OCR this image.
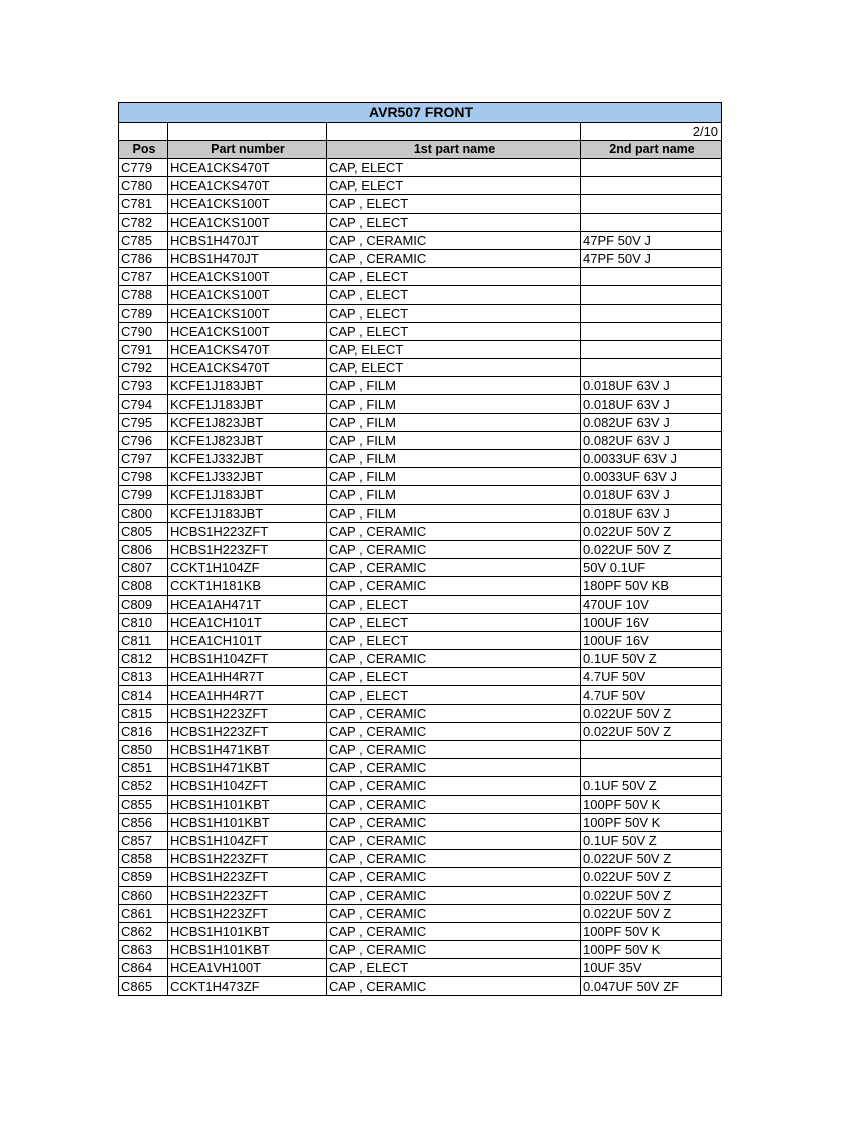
AVR507 FRONT			
			2/10
Pos	Part number	1st part name	2nd part name
C779	HCEA1CKS470T	CAP, ELECT	
C780	HCEA1CKS470T	CAP, ELECT	
C781	HCEA1CKS100T	CAP , ELECT	
C782	HCEA1CKS100T	CAP , ELECT	
C785	HCBS1H470JT	CAP , CERAMIC	47PF 50V J
C786	HCBS1H470JT	CAP , CERAMIC	47PF 50V J
C787	HCEA1CKS100T	CAP , ELECT	
C788	HCEA1CKS100T	CAP , ELECT	
C789	HCEA1CKS100T	CAP , ELECT	
C790	HCEA1CKS100T	CAP , ELECT	
C791	HCEA1CKS470T	CAP, ELECT	
C792	HCEA1CKS470T	CAP, ELECT	
C793	KCFE1J183JBT	CAP , FILM	0.018UF 63V J
C794	KCFE1J183JBT	CAP , FILM	0.018UF 63V J
C795	KCFE1J823JBT	CAP , FILM	0.082UF 63V J
C796	KCFE1J823JBT	CAP , FILM	0.082UF 63V J
C797	KCFE1J332JBT	CAP , FILM	0.0033UF 63V J
C798	KCFE1J332JBT	CAP , FILM	0.0033UF 63V J
C799	KCFE1J183JBT	CAP , FILM	0.018UF 63V J
C800	KCFE1J183JBT	CAP , FILM	0.018UF 63V J
C805	HCBS1H223ZFT	CAP , CERAMIC	0.022UF 50V Z
C806	HCBS1H223ZFT	CAP , CERAMIC	0.022UF 50V Z
C807	CCKT1H104ZF	CAP , CERAMIC	50V 0.1UF
C808	CCKT1H181KB	CAP , CERAMIC	180PF 50V KB
C809	HCEA1AH471T	CAP , ELECT	470UF 10V
C810	HCEA1CH101T	CAP , ELECT	100UF 16V
C811	HCEA1CH101T	CAP , ELECT	100UF 16V
C812	HCBS1H104ZFT	CAP , CERAMIC	0.1UF 50V Z
C813	HCEA1HH4R7T	CAP , ELECT	4.7UF 50V
C814	HCEA1HH4R7T	CAP , ELECT	4.7UF 50V
C815	HCBS1H223ZFT	CAP , CERAMIC	0.022UF 50V Z
C816	HCBS1H223ZFT	CAP , CERAMIC	0.022UF 50V Z
C850	HCBS1H471KBT	CAP , CERAMIC	
C851	HCBS1H471KBT	CAP , CERAMIC	
C852	HCBS1H104ZFT	CAP , CERAMIC	0.1UF 50V Z
C855	HCBS1H101KBT	CAP , CERAMIC	100PF 50V K
C856	HCBS1H101KBT	CAP , CERAMIC	100PF 50V K
C857	HCBS1H104ZFT	CAP , CERAMIC	0.1UF 50V Z
C858	HCBS1H223ZFT	CAP , CERAMIC	0.022UF 50V Z
C859	HCBS1H223ZFT	CAP , CERAMIC	0.022UF 50V Z
C860	HCBS1H223ZFT	CAP , CERAMIC	0.022UF 50V Z
C861	HCBS1H223ZFT	CAP , CERAMIC	0.022UF 50V Z
C862	HCBS1H101KBT	CAP , CERAMIC	100PF 50V K
C863	HCBS1H101KBT	CAP , CERAMIC	100PF 50V K
C864	HCEA1VH100T	CAP , ELECT	10UF 35V
C865	CCKT1H473ZF	CAP , CERAMIC	0.047UF 50V ZF
